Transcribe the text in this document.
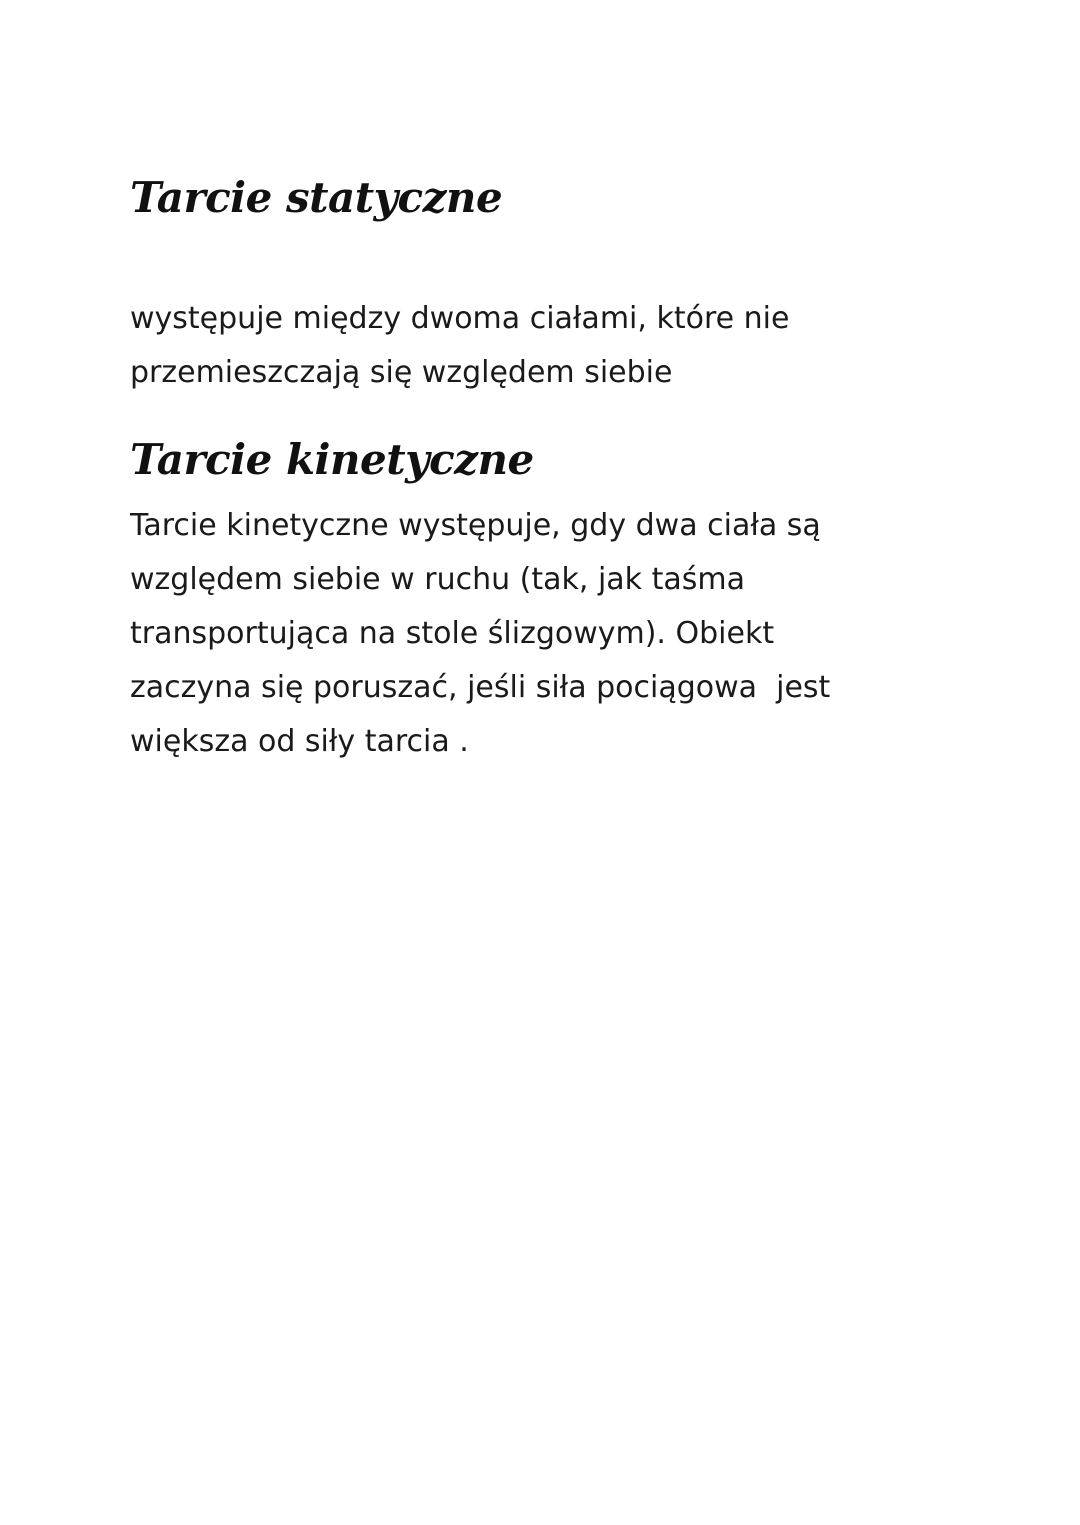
Tarcie statyczne

występuje między dwoma ciałami, które nie
przemieszczają się względem siebie

Tarcie kinetyczne

Tarcie kinetyczne występuje, gdy dwa ciała są
względem siebie w ruchu (tak, jak taśma
transportująca na stole ślizgowym). Obiekt
zaczyna się poruszać, jeśli siła pociągowa  jest
większa od siły tarcia .
